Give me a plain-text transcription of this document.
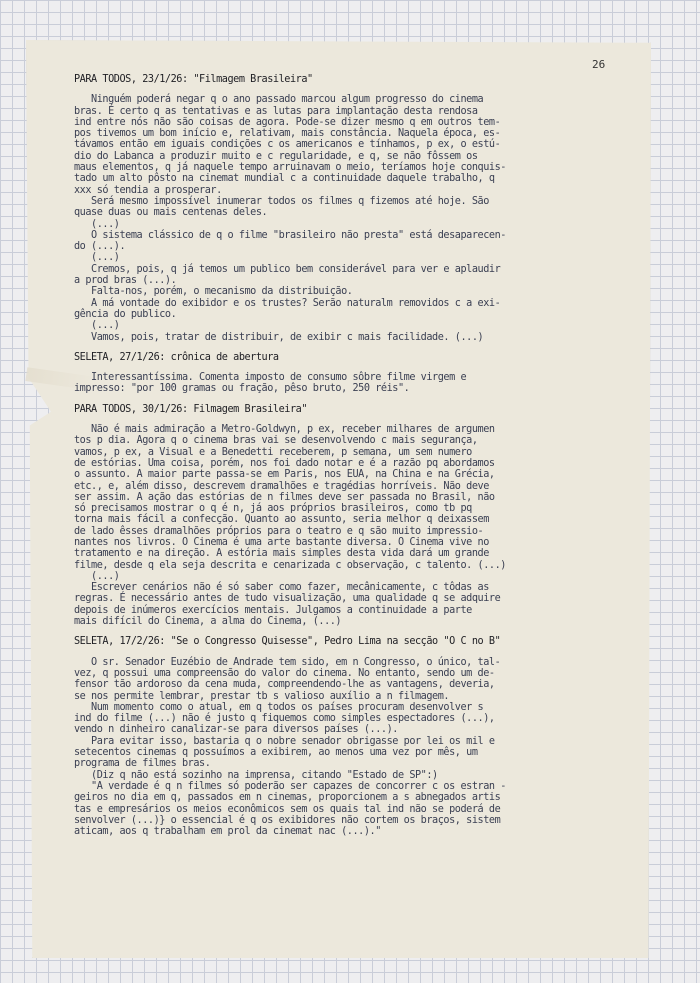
26
PARA TODOS, 23/1/26: "Filmagem Brasileira"
Ninguém poderá negar q o ano passado marcou algum progresso do cinema
bras. É certo q as tentativas e as lutas para implantação desta rendosa
ind entre nós não são coisas de agora. Pode-se dizer mesmo q em outros tem-
pos tivemos um bom início e, relativam, mais constância. Naquela época, es-
távamos então em iguais condições c os americanos e tínhamos, p ex, o estú-
dio do Labanca a produzir muito e c regularidade, e q, se não fôssem os
maus elementos, q já naquele tempo arruinavam o meio, teríamos hoje conquis-
tado um alto pôsto na cinemat mundial c a continuidade daquele trabalho, q
xxx só tendia a prosperar.
Será mesmo impossível inumerar todos os filmes q fizemos até hoje. São
quase duas ou mais centenas deles.
(...)
O sistema clássico de q o filme "brasileiro não presta" está desaparecen-
do (...).
(...)
Cremos, pois, q já temos um publico bem considerável para ver e aplaudir
a prod bras (...).
Falta-nos, porém, o mecanismo da distribuição.
A má vontade do exibidor e os trustes? Serão naturalm removidos c a exi-
gência do publico.
(...)
Vamos, pois, tratar de distribuir, de exibir c mais facilidade. (...)
SELETA, 27/1/26: crônica de abertura
Interessantíssima. Comenta imposto de consumo sôbre filme virgem e
impresso: "por 100 gramas ou fração, pêso bruto, 250 réis".
PARA TODOS, 30/1/26: Filmagem Brasileira"
Não é mais admiração a Metro-Goldwyn, p ex, receber milhares de argumen
tos p dia. Agora q o cinema bras vai se desenvolvendo c mais segurança,
vamos, p ex, a Visual e a Benedetti receberem, p semana, um sem numero
de estórias. Uma coisa, porém, nos foi dado notar e é a razão pq abordamos
o assunto. A maior parte passa-se em Paris, nos EUA, na China e na Grécia,
etc., e, além disso, descrevem dramalhões e tragédias horríveis. Não deve
ser assim. A ação das estórias de n filmes deve ser passada no Brasil, não
só precisamos mostrar o q é n, já aos próprios brasileiros, como tb pq
torna mais fácil a confecção. Quanto ao assunto, seria melhor q deixassem
de lado êsses dramalhões próprios para o teatro e q são muito impressio-
nantes nos livros. O Cinema é uma arte bastante diversa. O Cinema vive no
tratamento e na direção. A estória mais simples desta vida dará um grande
filme, desde q ela seja descrita e cenarizada c observação, c talento. (...)
(...)
Escrever cenários não é só saber como fazer, mecânicamente, c tôdas as
regras. É necessário antes de tudo visualização, uma qualidade q se adquire
depois de inúmeros exercícios mentais. Julgamos a continuidade a parte
mais difícil do Cinema, a alma do Cinema, (...)
SELETA, 17/2/26: "Se o Congresso Quisesse", Pedro Lima na secção "O C no B"
O sr. Senador Euzébio de Andrade tem sido, em n Congresso, o único, tal-
vez, q possui uma compreensão do valor do cinema. No entanto, sendo um de-
fensor tão ardoroso da cena muda, compreendendo-lhe as vantagens, deveria,
se nos permite lembrar, prestar tb s valioso auxílio a n filmagem.
Num momento como o atual, em q todos os países procuram desenvolver s
ind do filme (...) não é justo q fiquemos como simples espectadores (...),
vendo n dinheiro canalizar-se para diversos países (...).
Para evitar isso, bastaria q o nobre senador obrigasse por lei os mil e
setecentos cinemas q possuímos a exibirem, ao menos uma vez por mês, um
programa de filmes bras.
(Diz q não está sozinho na imprensa, citando "Estado de SP":)
"A verdade é q n filmes só poderão ser capazes de concorrer c os estran -
geiros no dia em q, passados em n cinemas, proporcionem a s abnegados artis
tas e empresários os meios econômicos sem os quais tal ind não se poderá de
senvolver (...)} o essencial é q os exibidores não cortem os braços, sistem
aticam, aos q trabalham em prol da cinemat nac (...)."
